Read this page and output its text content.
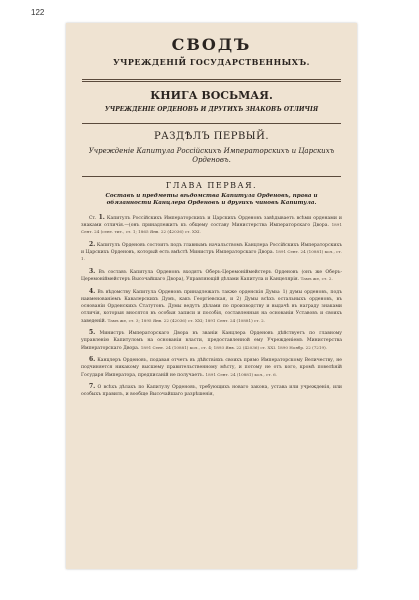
122
СВОДЪ
УЧРЕЖДЕНІЙ ГОСУДАРСТВЕННЫХЪ.
КНИГА ВОСЬМАЯ.
УЧРЕЖДЕНІЕ ОРДЕНОВЪ И ДРУГИХЪ ЗНАКОВЪ ОТЛИЧІЯ
РАЗДѢЛЪ ПЕРВЫЙ.
Учрежденіе Капитула Россійскихъ Императорскихъ и Царскихъ Орденовъ.
ГЛАВА ПЕРВАЯ.
Составъ и предметы вѣдомства Капитула Орденовъ, права и обязанности Канцлера Орденовъ и другихъ чиновъ Капитула.

Ст. 1. Капитулъ Россійскихъ Императорскихъ и Царскихъ Орденовъ завѣдываетъ всѣми орденами и знаками отличія.—(онъ принадлежитъ къ общему составу Министерства Императорскаго Двора. 1891 Сент. 24 (сент. тит., ст. 1; 1865 Янв. 22 (42036) ст. XXI.

2. Капитулъ Орденовъ состоитъ подъ главнымъ начальствомъ Канцлера Россійскихъ Императорскихъ и Царскихъ Орденовъ, который есть вмѣстѣ Министръ Императорскаго Двора. 1891 Сент. 24 (10881) кол., ст. 1.

3. Въ составъ Капитула Орденовъ входятъ Оберъ-Церемоніймейстеръ Орденовъ (онъ же Оберъ-Церемоніймейстеръ Высочайшаго Двора), Управляющій дѣлами Капитула и Канцелярія. Тамъ же, ст. 2.

4. Въ вѣдомству Капитула Орденовъ принадлежатъ также орденскія Думы: 1) думы орденовъ, подъ наименованіемъ Кавалерскихъ Думъ, какъ Георгіевская, и 2) Думы всѣхъ остальныхъ орденовъ, въ основаніи Орденскихъ Статутовъ. Думы ведутъ дѣлами по производству и выдачѣ въ награду знаками отличія, которыя вносятся въ особыя записи и пособія, составленныя на основаніи Уставовъ и своихъ заведеній. Тамъ же, ст. 3; 1895 Янв. 22 (42036) ст. XXI; 1891 Сент. 24 (10881) ст. 2.

5. Министръ Императорскаго Двора въ званіи Канцлера Орденовъ дѣйствуетъ по главному управленію Капитуломъ на основаніи власти, предоставленной ему Учрежденіемъ Министерства Императорскаго Двора. 1891 Сент. 24 (10881) кол., ст. 4; 1893 Янв. 22 (42036) ст. XXI. 1890 Ноябр. 22 (7219).

6. Канцлеръ Орденовъ, подавая отчетъ въ дѣйствіяхъ своихъ прямо Императорскому Величеству, не подчиняется никакому высшему правительственному мѣсту, и потому не отъ кого, кромѣ повелѣній Государя Императора, предписаній не получаетъ. 1891 Сент. 24 (10881) кол., ст. 6.

7. О всѣхъ дѣлахъ по Капитулу Орденовъ, требующихъ новаго закона, устава или учрежденія, или особыхъ правилъ, и вообще Высочайшаго разрѣшенія,
